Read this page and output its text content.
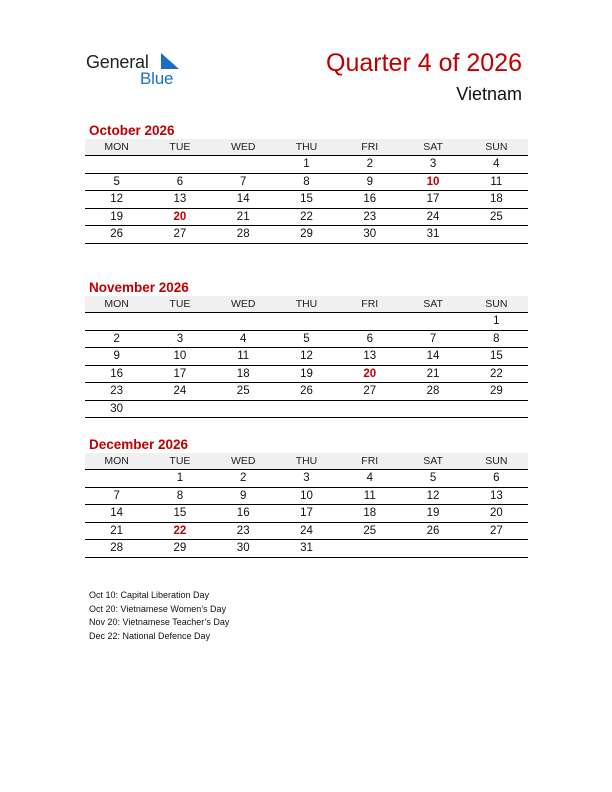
General
Blue
Quarter 4 of 2026
Vietnam
October 2026
MON	TUE	WED	THU	FRI	SAT	SUN

			1	2	3	4
5	6	7	8	9	10	11
12	13	14	15	16	17	18
19	20	21	22	23	24	25
26	27	28	29	30	31	
November 2026
MON	TUE	WED	THU	FRI	SAT	SUN

						1
2	3	4	5	6	7	8
9	10	11	12	13	14	15
16	17	18	19	20	21	22
23	24	25	26	27	28	29
30						
December 2026
MON	TUE	WED	THU	FRI	SAT	SUN

	1	2	3	4	5	6
7	8	9	10	11	12	13
14	15	16	17	18	19	20
21	22	23	24	25	26	27
28	29	30	31			
Oct 10: Capital Liberation Day
Oct 20: Vietnamese Women’s Day
Nov 20: Vietnamese Teacher’s Day
Dec 22: National Defence Day
